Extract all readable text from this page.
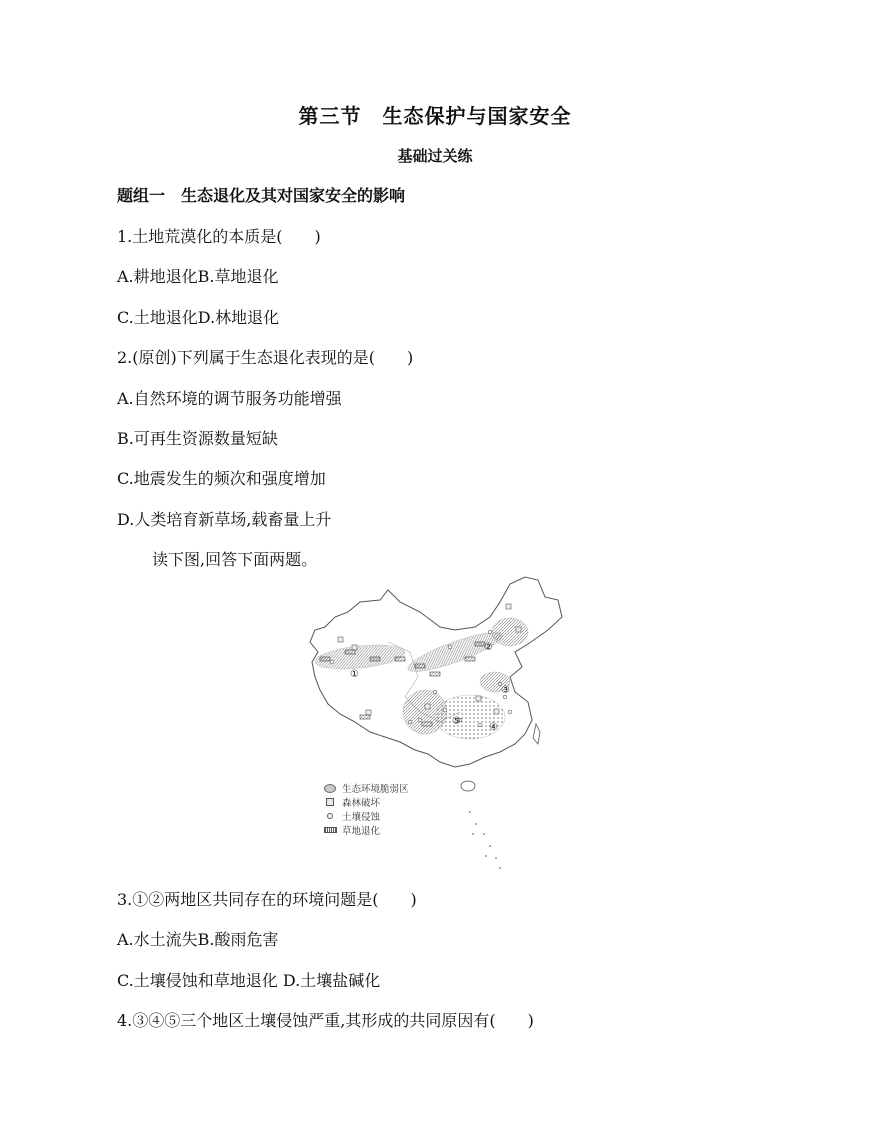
第三节　生态保护与国家安全
基础过关练
题组一　生态退化及其对国家安全的影响
1.土地荒漠化的本质是(　　)
A.耕地退化B.草地退化
C.土地退化D.林地退化
2.(原创)下列属于生态退化表现的是(　　)
A.自然环境的调节服务功能增强
B.可再生资源数量短缺
C.地震发生的频次和强度增加
D.人类培育新草场,载畜量上升
读下图,回答下面两题。
①
②
③
④
⑤
生态环境脆弱区
森林破坏
土壤侵蚀
草地退化
3.①②两地区共同存在的环境问题是(　　)
A.水土流失B.酸雨危害
C.土壤侵蚀和草地退化 D.土壤盐碱化
4.③④⑤三个地区土壤侵蚀严重,其形成的共同原因有(　　)
